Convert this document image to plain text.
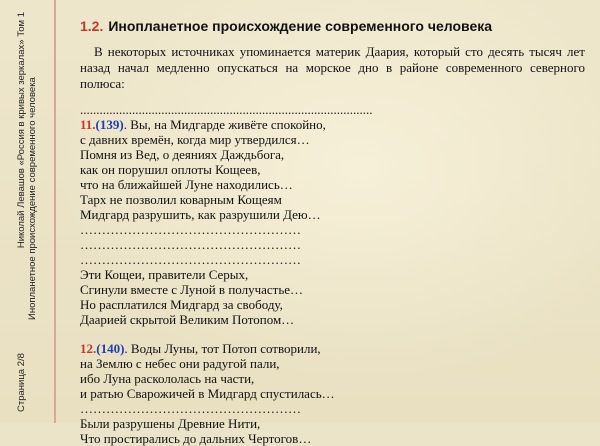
Страница 2/8
Николай Левашов «Россия в кривых зеркалах» Том 1 Инопланетное происхождение современного человека
1.2. Инопланетное происхождение современного человека

В некоторых источниках упоминается материк Даария, который сто десять тысяч лет назад начал медленно опускаться на морское дно в районе современного северного полюса:

..........................................................................................
11.(139). Вы, на Мидгарде живёте спокойно,
с давних времён, когда мир утвердился…
Помня из Вед, о деяниях Даждьбога,
как он порушил оплоты Кощеев,
что на ближайшей Луне находились…
Тарх не позволил коварным Кощеям
Мидгард разрушить, как разрушили Дею…
……………………………………………
……………………………………………
……………………………………………
Эти Кощеи, правители Серых,
Сгинули вместе с Луной в получастье…
Но расплатился Мидгард за свободу,
Даарией скрытой Великим Потопом…
12.(140). Воды Луны, тот Потоп сотворили,
на Землю с небес они радугой пали,
ибо Луна раскололась на части,
и ратью Сварожичей в Мидгард спустилась…
……………………………………………
Были разрушены Древние Нити,
Что простирались до дальних Чертогов…
